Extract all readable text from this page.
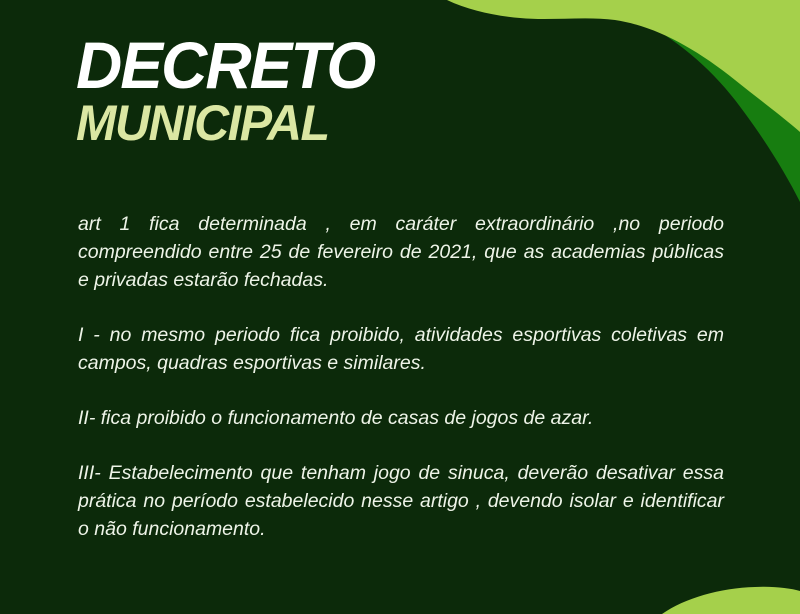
DECRETO
MUNICIPAL

art 1 fica determinada , em caráter extraordinário ,no periodo compreendido entre 25 de fevereiro de 2021, que as academias públicas e privadas estarão fechadas.

I - no mesmo periodo fica proibido, atividades esportivas coletivas em campos, quadras esportivas e similares.

II- fica proibido o funcionamento de casas de jogos de azar.

III- Estabelecimento que tenham jogo de sinuca, deverão desativar essa prática no período estabelecido nesse artigo , devendo isolar e identificar o não funcionamento.
